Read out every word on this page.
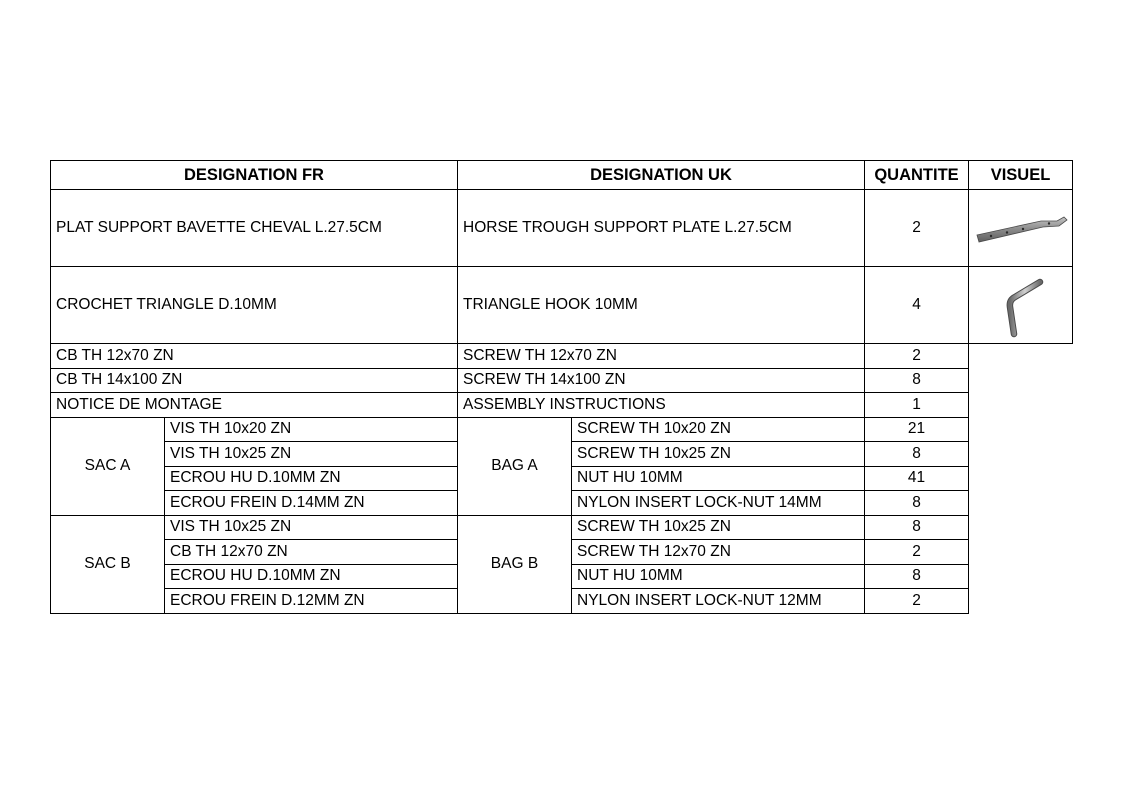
DESIGNATION FR		DESIGNATION UK		QUANTITE	VISUEL
PLAT SUPPORT BAVETTE CHEVAL L.27.5CM		HORSE TROUGH SUPPORT PLATE L.27.5CM		2	

CROCHET TRIANGLE D.10MM		TRIANGLE HOOK 10MM		4	

CB TH 12x70 ZN		SCREW TH 12x70 ZN		2	
CB TH 14x100 ZN		SCREW TH 14x100 ZN		8	
NOTICE DE MONTAGE		ASSEMBLY INSTRUCTIONS		1	
SAC A	VIS TH 10x20 ZN	BAG A	SCREW TH 10x20 ZN	21	
	VIS TH 10x25 ZN		SCREW TH 10x25 ZN	8	
	ECROU HU D.10MM ZN		NUT HU 10MM	41	
	ECROU FREIN D.14MM ZN		NYLON INSERT LOCK-NUT 14MM	8	
SAC B	VIS TH 10x25 ZN	BAG B	SCREW TH 10x25 ZN	8	
	CB TH 12x70 ZN		SCREW TH 12x70 ZN	2	
	ECROU HU D.10MM ZN		NUT HU 10MM	8	
	ECROU FREIN D.12MM ZN		NYLON INSERT LOCK-NUT 12MM	2	
